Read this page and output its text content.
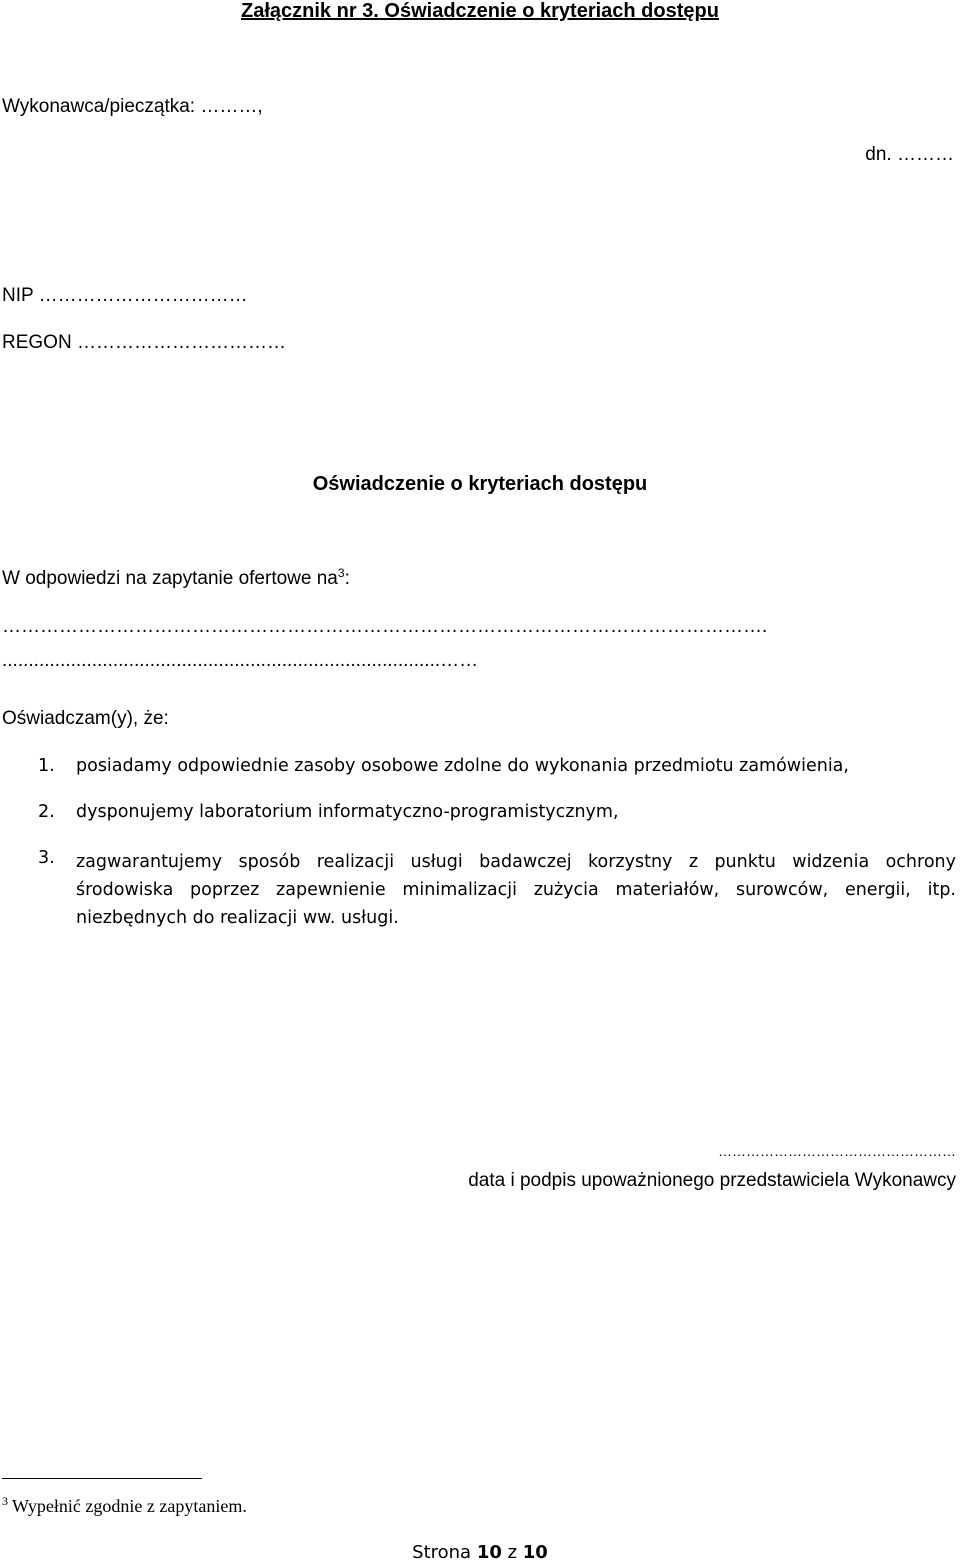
Załącznik nr 3. Oświadczenie o kryteriach dostępu
Wykonawca/pieczątka: ………,
dn. ………
NIP ……………………………
REGON ……………………………
Oświadczenie o kryteriach dostępu
W odpowiedzi na zapytanie ofertowe $na^3$:
………………………………………………………………………………………………………….
...................................................................................……
Oświadczam(y), że:
1. posiadamy odpowiednie zasoby osobowe zdolne do wykonania przedmiotu zamówienia,
2. dysponujemy laboratorium informatyczno-programistycznym,
3. zagwarantujemy sposób realizacji usługi badawczej korzystny z punktu widzenia ochrony środowiska poprzez zapewnienie minimalizacji zużycia materiałów, surowców, energii, itp. niezbędnych do realizacji ww. usługi.
……………………………………………
data i podpis upoważnionego przedstawiciela Wykonawcy
$^3$ Wypełnić zgodnie z zapytaniem.
Strona 10 z 10
